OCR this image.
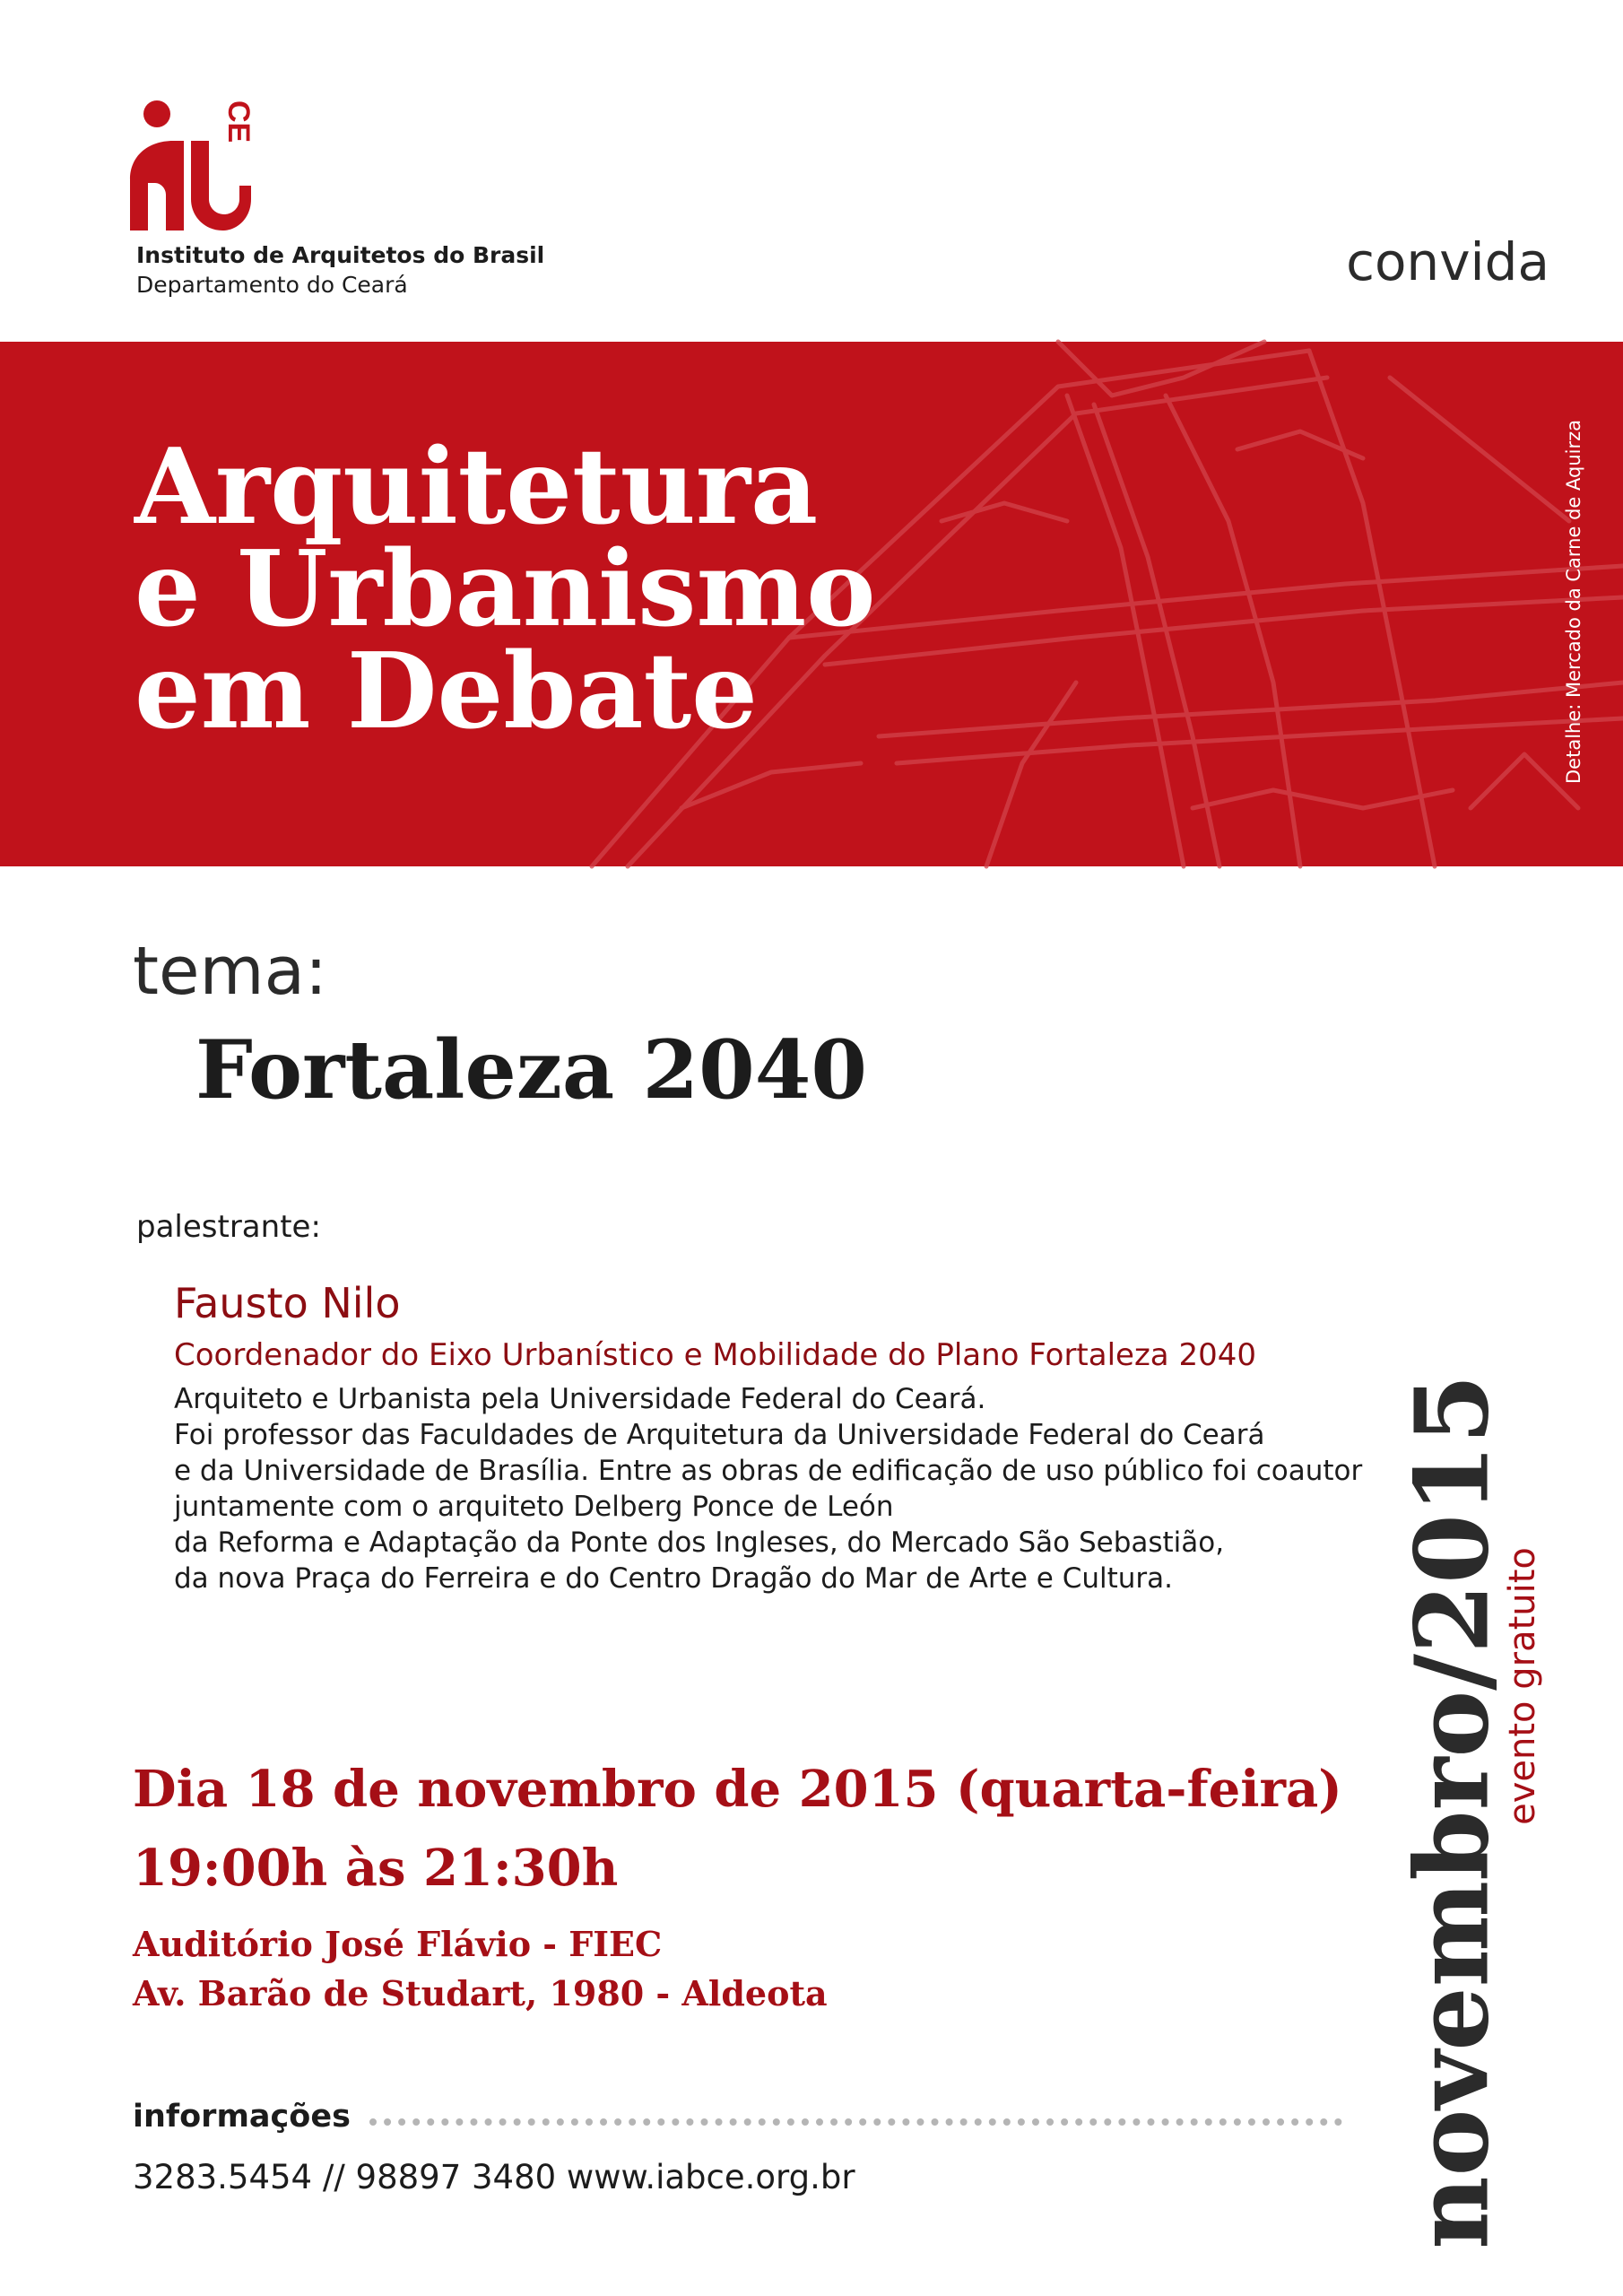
CE
Instituto de Arquitetos do Brasil
Departamento do Ceará	convida
Arquitetura
e Urbanismo
em Debate	Detalhe: Mercado da Carne de Aquirza
tema:
Fortaleza 2040
palestrante:
Fausto Nilo
Coordenador do Eixo Urbanístico e Mobilidade do Plano Fortaleza 2040
Arquiteto e Urbanista pela Universidade Federal do Ceará.
Foi professor das Faculdades de Arquitetura da Universidade Federal do Ceará
e da Universidade de Brasília. Entre as obras de edificação de uso público foi coautor
juntamente com o arquiteto Delberg Ponce de León
da Reforma e Adaptação da Ponte dos Ingleses, do Mercado São Sebastião,
da nova Praça do Ferreira e do Centro Dragão do Mar de Arte e Cultura.
Dia 18 de novembro de 2015 (quarta-feira)
19:00h às 21:30h
Auditório José Flávio - FIEC
Av. Barão de Studart, 1980 - Aldeota
informações
3283.5454 // 98897 3480 www.iabce.org.br	novembro/2015
evento gratuito
